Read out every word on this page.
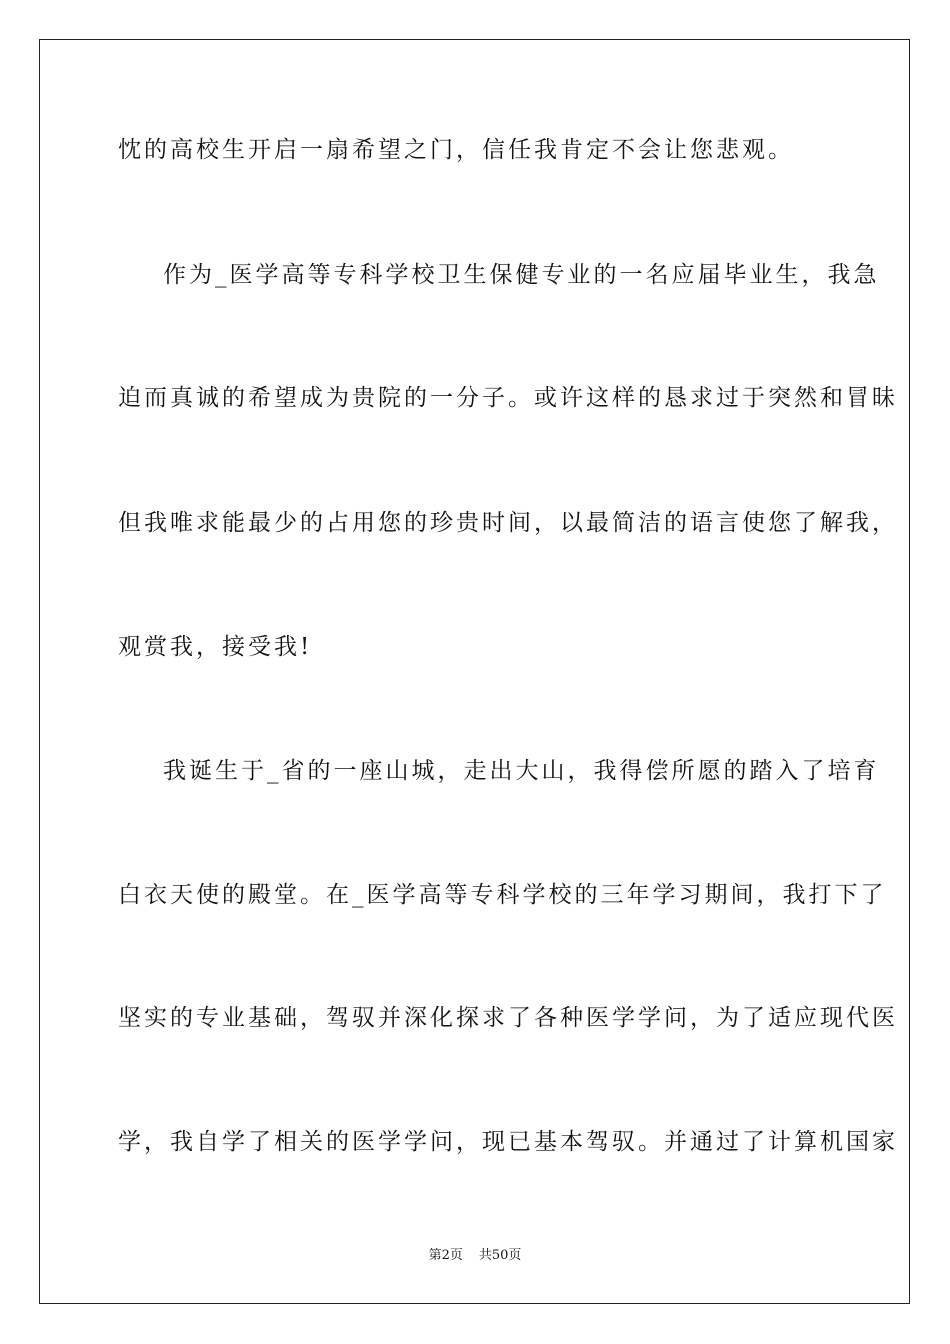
忱的高校生开启一扇希望之门，信任我肯定不会让您悲观。
作为_医学高等专科学校卫生保健专业的一名应届毕业生，我急
迫而真诚的希望成为贵院的一分子。或许这样的恳求过于突然和冒昧
但我唯求能最少的占用您的珍贵时间，以最简洁的语言使您了解我，
观赏我，接受我!
我诞生于_省的一座山城，走出大山，我得偿所愿的踏入了培育
白衣天使的殿堂。在_医学高等专科学校的三年学习期间，我打下了
坚实的专业基础，驾驭并深化探求了各种医学学问，为了适应现代医
学，我自学了相关的医学学问，现已基本驾驭。并通过了计算机国家
第2页 共50页
